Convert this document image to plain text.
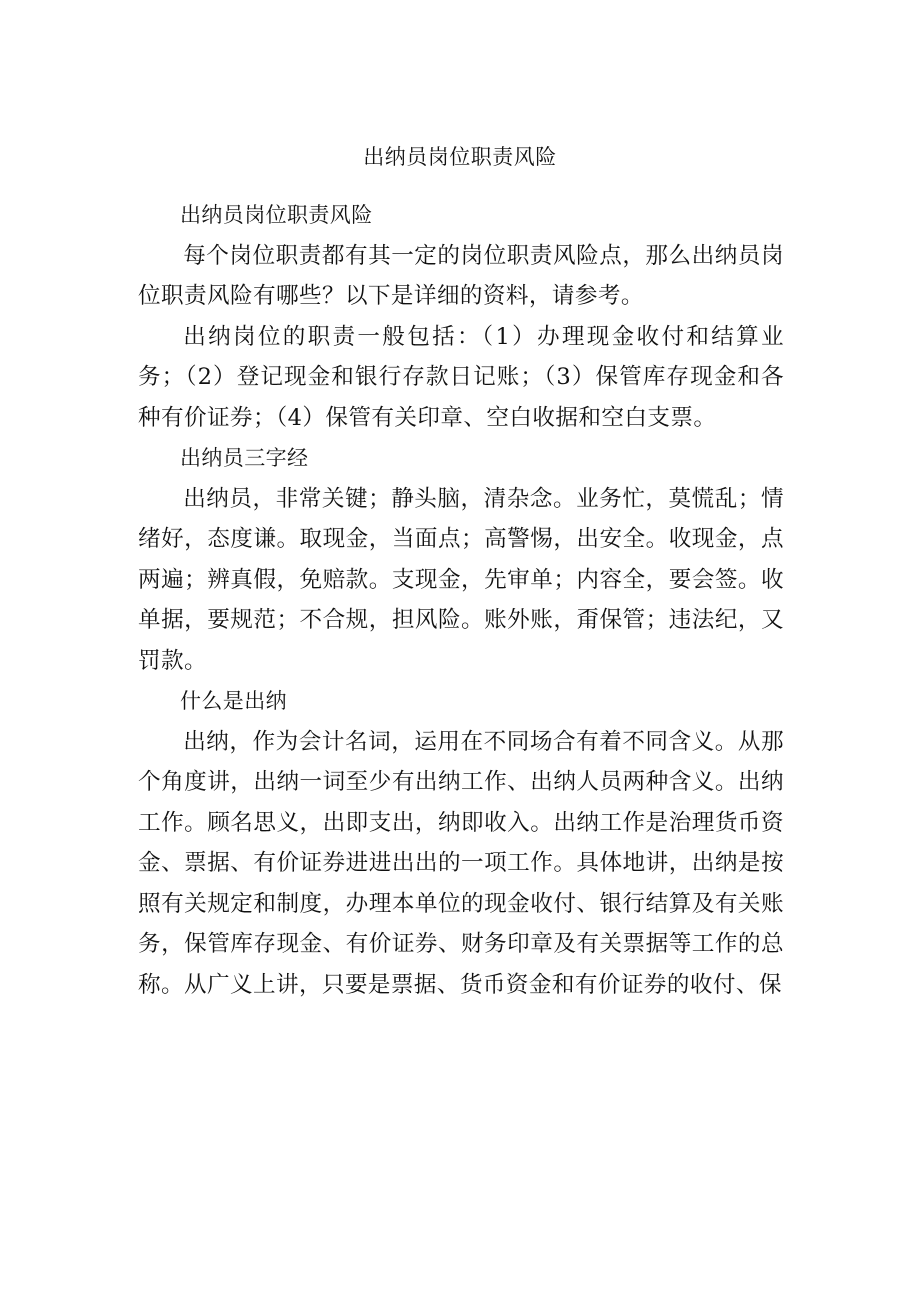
出纳员岗位职责风险

出纳员岗位职责风险

每个岗位职责都有其一定的岗位职责风险点，那么出纳员岗位职责风险有哪些？以下是详细的资料，请参考。

出纳岗位的职责一般包括：（1）办理现金收付和结算业务；（2）登记现金和银行存款日记账；（3）保管库存现金和各种有价证券；（4）保管有关印章、空白收据和空白支票。

出纳员三字经

出纳员，非常关键；静头脑，清杂念。业务忙，莫慌乱；情绪好，态度谦。取现金，当面点；高警惕，出安全。收现金，点两遍；辨真假，免赔款。支现金，先审单；内容全，要会签。收单据，要规范；不合规，担风险。账外账，甭保管；违法纪，又罚款。

什么是出纳

出纳，作为会计名词，运用在不同场合有着不同含义。从那个角度讲，出纳一词至少有出纳工作、出纳人员两种含义。出纳工作。顾名思义，出即支出，纳即收入。出纳工作是治理货币资金、票据、有价证券进进出出的一项工作。具体地讲，出纳是按照有关规定和制度，办理本单位的现金收付、银行结算及有关账务，保管库存现金、有价证券、财务印章及有关票据等工作的总称。从广义上讲，只要是票据、货币资金和有价证券的收付、保
